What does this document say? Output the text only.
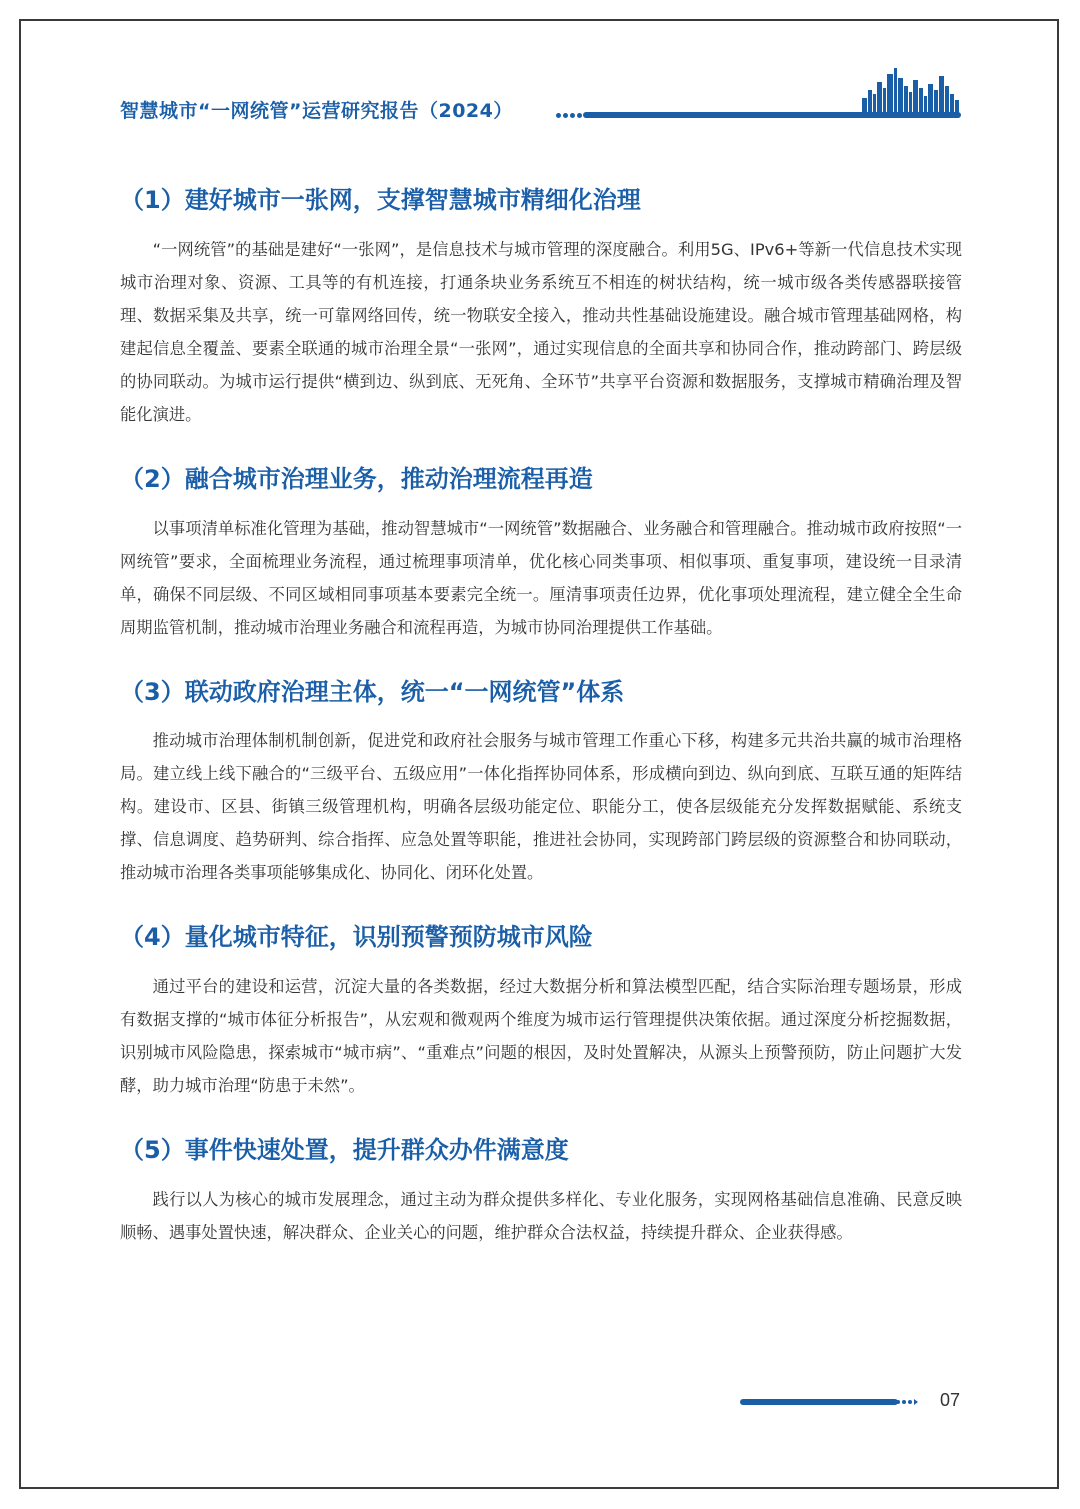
智慧城市“一网统管”运营研究报告（2024）
（1）建好城市一张网，支撑智慧城市精细化治理

“一网统管”的基础是建好“一张网”，是信息技术与城市管理的深度融合。利用5G、IPv6+等新一代信息技术实现城市治理对象、资源、工具等的有机连接，打通条块业务系统互不相连的树状结构，统一城市级各类传感器联接管理、数据采集及共享，统一可靠网络回传，统一物联安全接入，推动共性基础设施建设。融合城市管理基础网格，构建起信息全覆盖、要素全联通的城市治理全景“一张网”，通过实现信息的全面共享和协同合作，推动跨部门、跨层级的协同联动。为城市运行提供“横到边、纵到底、无死角、全环节”共享平台资源和数据服务，支撑城市精确治理及智能化演进。

（2）融合城市治理业务，推动治理流程再造

以事项清单标准化管理为基础，推动智慧城市“一网统管”数据融合、业务融合和管理融合。推动城市政府按照“一网统管”要求，全面梳理业务流程，通过梳理事项清单，优化核心同类事项、相似事项、重复事项，建设统一目录清单，确保不同层级、不同区域相同事项基本要素完全统一。厘清事项责任边界，优化事项处理流程，建立健全全生命周期监管机制，推动城市治理业务融合和流程再造，为城市协同治理提供工作基础。

（3）联动政府治理主体，统一“一网统管”体系

推动城市治理体制机制创新，促进党和政府社会服务与城市管理工作重心下移，构建多元共治共赢的城市治理格局。建立线上线下融合的“三级平台、五级应用”一体化指挥协同体系，形成横向到边、纵向到底、互联互通的矩阵结构。建设市、区县、街镇三级管理机构，明确各层级功能定位、职能分工，使各层级能充分发挥数据赋能、系统支撑、信息调度、趋势研判、综合指挥、应急处置等职能，推进社会协同，实现跨部门跨层级的资源整合和协同联动，推动城市治理各类事项能够集成化、协同化、闭环化处置。

（4）量化城市特征，识别预警预防城市风险

通过平台的建设和运营，沉淀大量的各类数据，经过大数据分析和算法模型匹配，结合实际治理专题场景，形成有数据支撑的“城市体征分析报告”，从宏观和微观两个维度为城市运行管理提供决策依据。通过深度分析挖掘数据，识别城市风险隐患，探索城市“城市病”、“重难点”问题的根因，及时处置解决，从源头上预警预防，防止问题扩大发酵，助力城市治理“防患于未然”。

（5）事件快速处置，提升群众办件满意度

践行以人为核心的城市发展理念，通过主动为群众提供多样化、专业化服务，实现网格基础信息准确、民意反映顺畅、遇事处置快速，解决群众、企业关心的问题，维护群众合法权益，持续提升群众、企业获得感。

07
